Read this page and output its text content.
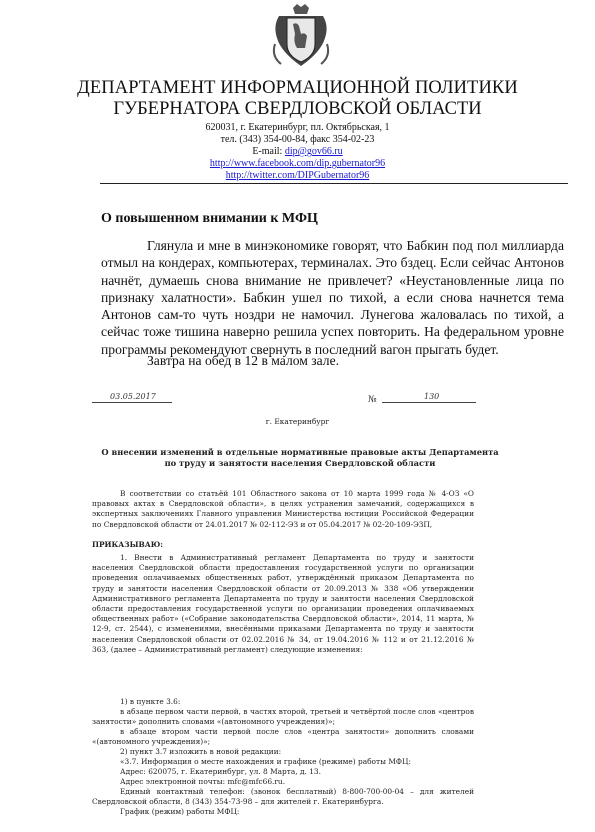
ДЕПАРТАМЕНТ ИНФОРМАЦИОННОЙ ПОЛИТИКИ
ГУБЕРНАТОРА СВЕРДЛОВСКОЙ ОБЛАСТИ
620031, г. Екатеринбург, пл. Октябрьская, 1
тел. (343) 354-00-84, факс 354-02-23
E-mail: dip@gov66.ru
http://www.facebook.com/dip.gubernator96
http://twitter.com/DIPGubernator96
О повышенном внимании к МФЦ

Глянула и мне в минэкономике говорят, что Бабкин под пол миллиарда отмыл на кондерах, компьютерах, терминалах. Это бздец. Если сейчас Антонов начнёт, думаешь снова внимание не привлечет? «Неустановленные лица по признаку халатности». Бабкин ушел по тихой, а если снова начнется тема Антонов сам-то чуть ноздри не намочил. Лунегова жаловалась по тихой, а сейчас тоже тишина наверно решила успех повторить. На федеральном уровне программы рекомендуют свернуть в последний вагон прыгать будет.

Завтра на обед в 12 в малом зале.
03.05.2017	№	130
г. Екатеринбург
О внесении изменений в отдельные нормативные правовые акты Департамента
по труду и занятости населения Свердловской области
В соответствии со статьёй 101 Областного закона от 10 марта 1999 года № 4-ОЗ «О правовых актах в Свердловской области», в целях устранения замечаний, содержащихся в экспертных заключениях Главного управления Министерства юстиции Российской Федерации по Свердловской области от 24.01.2017 № 02-112-ЭЗ и от 05.04.2017 № 02-20-109-ЭЗП,
ПРИКАЗЫВАЮ:
1. Внести в Административный регламент Департамента по труду и занятости населения Свердловской области предоставления государственной услуги по организации проведения оплачиваемых общественных работ, утверждённый приказом Департамента по труду и занятости населения Свердловской области от 20.09.2013 № 338 «Об утверждении Административного регламента Департамента по труду и занятости населения Свердловской области предоставления государственной услуги по организации проведения оплачиваемых общественных работ» («Собрание законодательства Свердловской области», 2014, 11 марта, № 12-9, ст. 2544), с изменениями, внесёнными приказами Департамента по труду и занятости населения Свердловской области от 02.02.2016 № 34, от 19.04.2016 № 112 и от 21.12.2016 № 363, (далее – Административный регламент) следующие изменения:
1) в пункте 3.6:
в абзаце первом части первой, в частях второй, третьей и четвёртой после слов «центров занятости» дополнить словами «(автономного учреждения)»;
в абзаце втором части первой после слов «центра занятости» дополнить словами «(автономного учреждения)»;
2) пункт 3.7 изложить в новой редакции:
«3.7. Информация о месте нахождения и графике (режиме) работы МФЦ:
Адрес: 620075, г. Екатеринбург, ул. 8 Марта, д. 13.
Адрес электронной почты: mfc@mfc66.ru.
Единый контактный телефон: (звонок бесплатный) 8-800-700-00-04 – для жителей Свердловской области, 8 (343) 354-73-98 – для жителей г. Екатеринбурга.
График (режим) работы МФЦ:
